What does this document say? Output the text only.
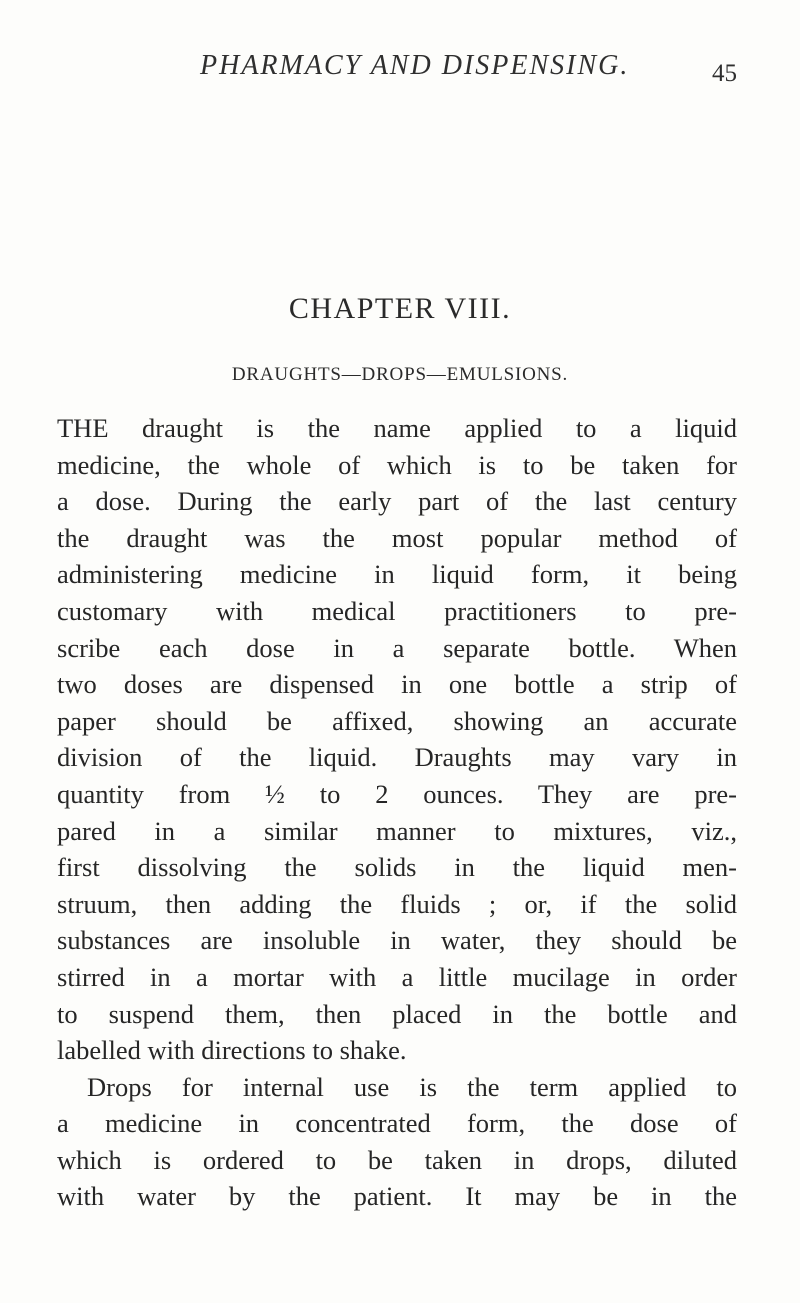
PHARMACY AND DISPENSING.	45
CHAPTER VIII.
DRAUGHTS—DROPS—EMULSIONS.
THE draught is the name applied to a liquid
medicine, the whole of which is to be taken for
a dose. During the early part of the last century
the draught was the most popular method of
administering medicine in liquid form, it being
customary with medical practitioners to pre-
scribe each dose in a separate bottle. When
two doses are dispensed in one bottle a strip of
paper should be affixed, showing an accurate
division of the liquid. Draughts may vary in
quantity from ½ to 2 ounces. They are pre-
pared in a similar manner to mixtures, viz.,
first dissolving the solids in the liquid men-
struum, then adding the fluids ; or, if the solid
substances are insoluble in water, they should be
stirred in a mortar with a little mucilage in order
to suspend them, then placed in the bottle and
labelled with directions to shake.
Drops for internal use is the term applied to
a medicine in concentrated form, the dose of
which is ordered to be taken in drops, diluted
with water by the patient. It may be in the
